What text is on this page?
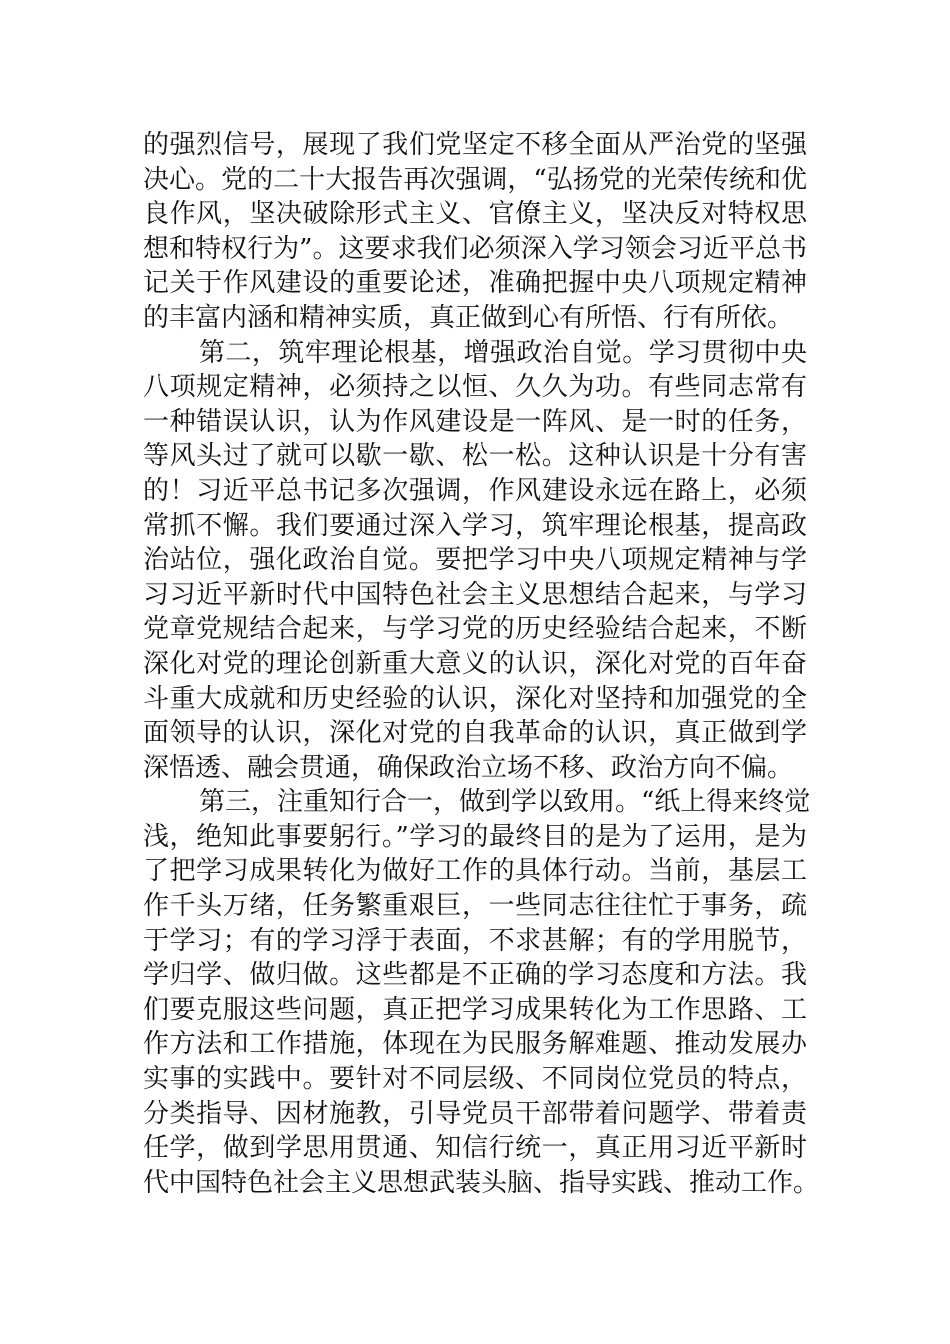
的强烈信号，展现了我们党坚定不移全面从严治党的坚强
决心。党的二十大报告再次强调，“弘扬党的光荣传统和优
良作风，坚决破除形式主义、官僚主义，坚决反对特权思
想和特权行为”。这要求我们必须深入学习领会习近平总书
记关于作风建设的重要论述，准确把握中央八项规定精神
的丰富内涵和精神实质，真正做到心有所悟、行有所依。
第二，筑牢理论根基，增强政治自觉。学习贯彻中央
八项规定精神，必须持之以恒、久久为功。有些同志常有
一种错误认识，认为作风建设是一阵风、是一时的任务，
等风头过了就可以歇一歇、松一松。这种认识是十分有害
的！习近平总书记多次强调，作风建设永远在路上，必须
常抓不懈。我们要通过深入学习，筑牢理论根基，提高政
治站位，强化政治自觉。要把学习中央八项规定精神与学
习习近平新时代中国特色社会主义思想结合起来，与学习
党章党规结合起来，与学习党的历史经验结合起来，不断
深化对党的理论创新重大意义的认识，深化对党的百年奋
斗重大成就和历史经验的认识，深化对坚持和加强党的全
面领导的认识，深化对党的自我革命的认识，真正做到学
深悟透、融会贯通，确保政治立场不移、政治方向不偏。
第三，注重知行合一，做到学以致用。“纸上得来终觉
浅，绝知此事要躬行。”学习的最终目的是为了运用，是为
了把学习成果转化为做好工作的具体行动。当前，基层工
作千头万绪，任务繁重艰巨，一些同志往往忙于事务，疏
于学习；有的学习浮于表面，不求甚解；有的学用脱节，
学归学、做归做。这些都是不正确的学习态度和方法。我
们要克服这些问题，真正把学习成果转化为工作思路、工
作方法和工作措施，体现在为民服务解难题、推动发展办
实事的实践中。要针对不同层级、不同岗位党员的特点，
分类指导、因材施教，引导党员干部带着问题学、带着责
任学，做到学思用贯通、知信行统一，真正用习近平新时
代中国特色社会主义思想武装头脑、指导实践、推动工作。
